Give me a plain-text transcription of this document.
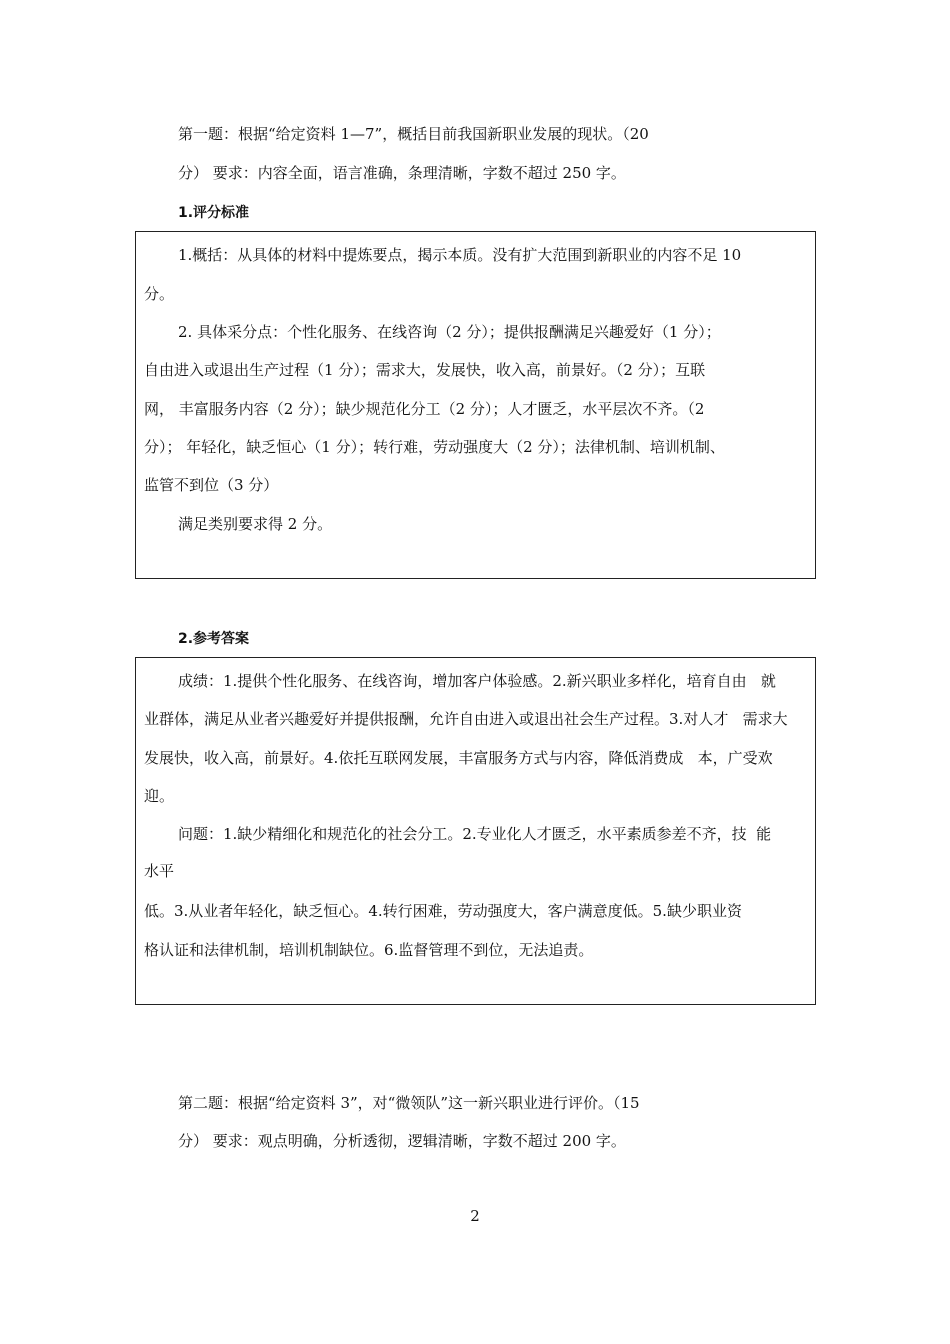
第一题：根据“给定资料 1—7”，概括目前我国新职业发展的现状。（20
分） 要求：内容全面，语言准确，条理清晰，字数不超过 250 字。
1.评分标准
1.概括：从具体的材料中提炼要点，揭示本质。没有扩大范围到新职业的内容不足 10
分。
2. 具体采分点：个性化服务、在线咨询（2 分）；提供报酬满足兴趣爱好（1 分）；
自由进入或退出生产过程（1 分）；需求大，发展快，收入高，前景好。（2 分）；互联
网， 丰富服务内容（2 分）；缺少规范化分工（2 分）；人才匮乏，水平层次不齐。（2
分）； 年轻化，缺乏恒心（1 分）；转行难，劳动强度大（2 分）；法律机制、培训机制、
监管不到位（3 分）
满足类别要求得 2 分。
2.参考答案
成绩：1.提供个性化服务、在线咨询，增加客户体验感。2.新兴职业多样化，培育自由   就
业群体，满足从业者兴趣爱好并提供报酬，允许自由进入或退出社会生产过程。3.对人才   需求大
发展快，收入高，前景好。4.依托互联网发展，丰富服务方式与内容，降低消费成   本，广受欢
迎。
问题：1.缺少精细化和规范化的社会分工。2.专业化人才匮乏，水平素质参差不齐，技  能
水平
低。3.从业者年轻化，缺乏恒心。4.转行困难，劳动强度大，客户满意度低。5.缺少职业资
格认证和法律机制，培训机制缺位。6.监督管理不到位，无法追责。
第二题：根据“给定资料 3”，对“微领队”这一新兴职业进行评价。（15
分） 要求：观点明确，分析透彻，逻辑清晰，字数不超过 200 字。
2
